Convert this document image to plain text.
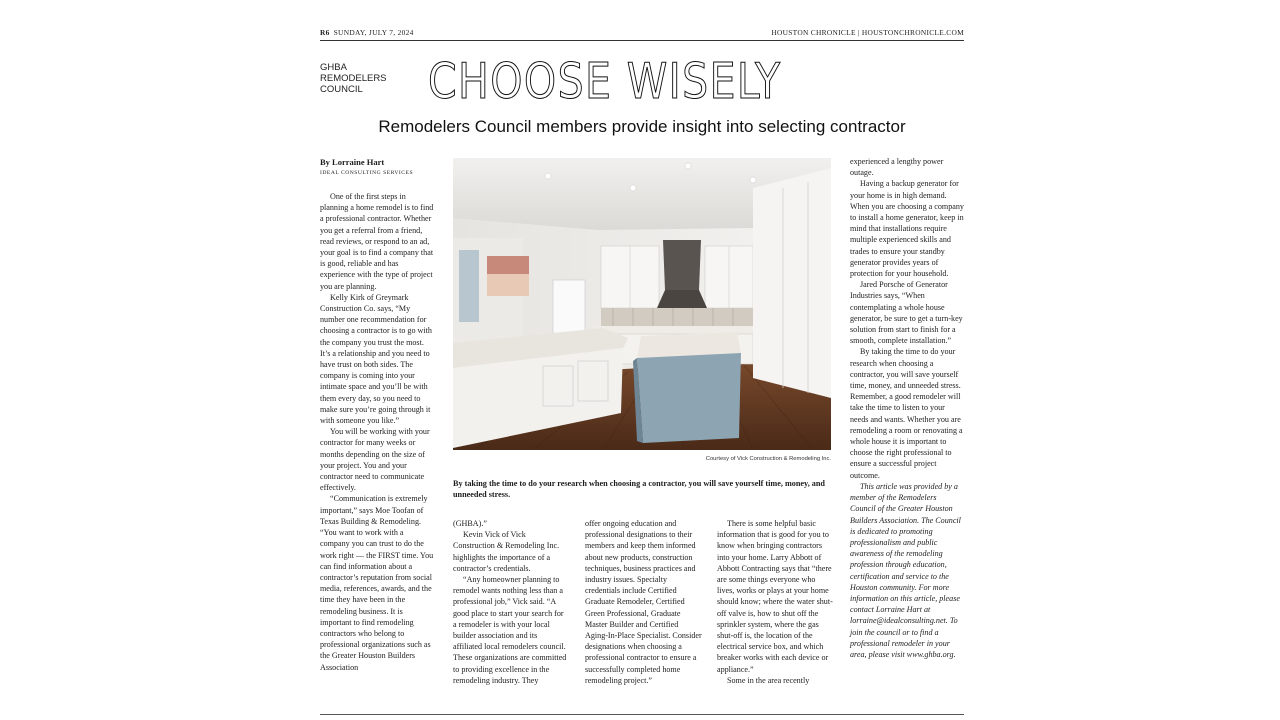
R6 SUNDAY, JULY 7, 2024	HOUSTON CHRONICLE | HOUSTONCHRONICLE.COM
GHBA
REMODELERS
COUNCIL	CHOOSE WISELY
Remodelers Council members provide insight into selecting contractor
By Lorraine Hart
IDEAL CONSULTING SERVICES

One of the first steps in planning a home remodel is to find a professional contractor. Whether you get a referral from a friend, read reviews, or respond to an ad, your goal is to find a company that is good, reliable and has experience with the type of project you are planning.

Kelly Kirk of Greymark Construction Co. says, “My number one recommendation for choosing a contractor is to go with the company you trust the most. It’s a relationship and you need to have trust on both sides. The company is coming into your intimate space and you’ll be with them every day, so you need to make sure you’re going through it with someone you like.”

You will be working with your contractor for many weeks or months depending on the size of your project. You and your contractor need to communicate effectively.

“Communication is extremely important,” says Moe Toofan of Texas Building & Remodeling. “You want to work with a company you can trust to do the work right — the FIRST time. You can find information about a contractor’s reputation from social media, references, awards, and the time they have been in the remodeling business. It is important to find remodeling contractors who belong to professional organizations such as the Greater Houston Builders Association

Courtesy of Vick Construction & Remodeling Inc.
By taking the time to do your research when choosing a contractor, you will save yourself time, money, and unneeded stress.

(GHBA).”

Kevin Vick of Vick Construction & Remodeling Inc. highlights the importance of a contractor’s credentials.

“Any homeowner planning to remodel wants nothing less than a professional job,” Vick said. “A good place to start your search for a remodeler is with your local builder association and its affiliated local remodelers council. These organizations are committed to providing excellence in the remodeling industry. They

offer ongoing education and professional designations to their members and keep them informed about new products, construction techniques, business practices and industry issues. Specialty credentials include Certified Graduate Remodeler, Certified Green Professional, Graduate Master Builder and Certified Aging-In-Place Specialist. Consider designations when choosing a professional contractor to ensure a successfully completed home remodeling project.”

There is some helpful basic information that is good for you to know when bringing contractors into your home. Larry Abbott of Abbott Contracting says that “there are some things everyone who lives, works or plays at your home should know; where the water shut-off valve is, how to shut off the sprinkler system, where the gas shut-off is, the location of the electrical service box, and which breaker works with each device or appliance.”

Some in the area recently

experienced a lengthy power outage.

Having a backup generator for your home is in high demand. When you are choosing a company to install a home generator, keep in mind that installations require multiple experienced skills and trades to ensure your standby generator provides years of protection for your household.

Jared Porsche of Generator Industries says, “When contemplating a whole house generator, be sure to get a turn-key solution from start to finish for a smooth, complete installation.”

By taking the time to do your research when choosing a contractor, you will save yourself time, money, and unneeded stress. Remember, a good remodeler will take the time to listen to your needs and wants. Whether you are remodeling a room or renovating a whole house it is important to choose the right professional to ensure a successful project outcome.

This article was provided by a member of the Remodelers Council of the Greater Houston Builders Association. The Council is dedicated to promoting professionalism and public awareness of the remodeling profession through education, certification and service to the Houston community. For more information on this article, please contact Lorraine Hart at lorraine@idealconsulting.net. To join the council or to find a professional remodeler in your area, please visit www.ghba.org.
